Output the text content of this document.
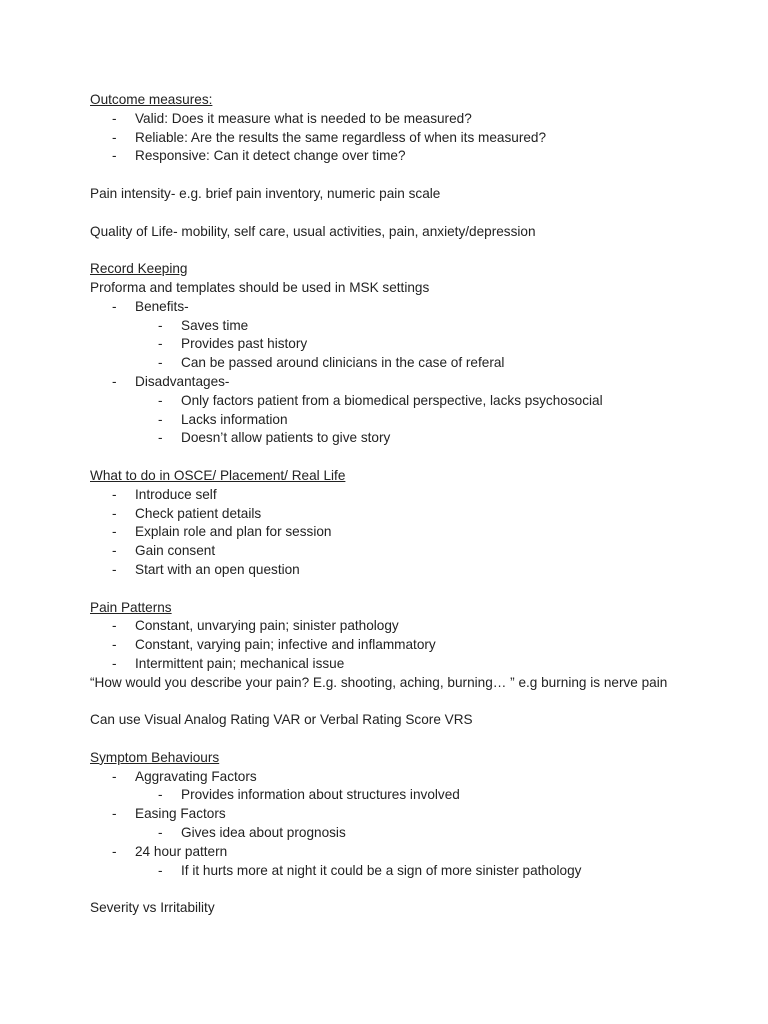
Outcome measures:
- Valid: Does it measure what is needed to be measured?
- Reliable: Are the results the same regardless of when its measured?
- Responsive: Can it detect change over time?
Pain intensity- e.g. brief pain inventory, numeric pain scale
Quality of Life- mobility, self care, usual activities, pain, anxiety/depression
Record Keeping
Proforma and templates should be used in MSK settings
- Benefits-
- Saves time
- Provides past history
- Can be passed around clinicians in the case of referal
- Disadvantages-
- Only factors patient from a biomedical perspective, lacks psychosocial
- Lacks information
- Doesn’t allow patients to give story
What to do in OSCE/ Placement/ Real Life
- Introduce self
- Check patient details
- Explain role and plan for session
- Gain consent
- Start with an open question
Pain Patterns
- Constant, unvarying pain; sinister pathology
- Constant, varying pain; infective and inflammatory
- Intermittent pain; mechanical issue
“How would you describe your pain? E.g. shooting, aching, burning… ” e.g burning is nerve pain
Can use Visual Analog Rating VAR or Verbal Rating Score VRS
Symptom Behaviours
- Aggravating Factors
- Provides information about structures involved
- Easing Factors
- Gives idea about prognosis
- 24 hour pattern
- If it hurts more at night it could be a sign of more sinister pathology
Severity vs Irritability
